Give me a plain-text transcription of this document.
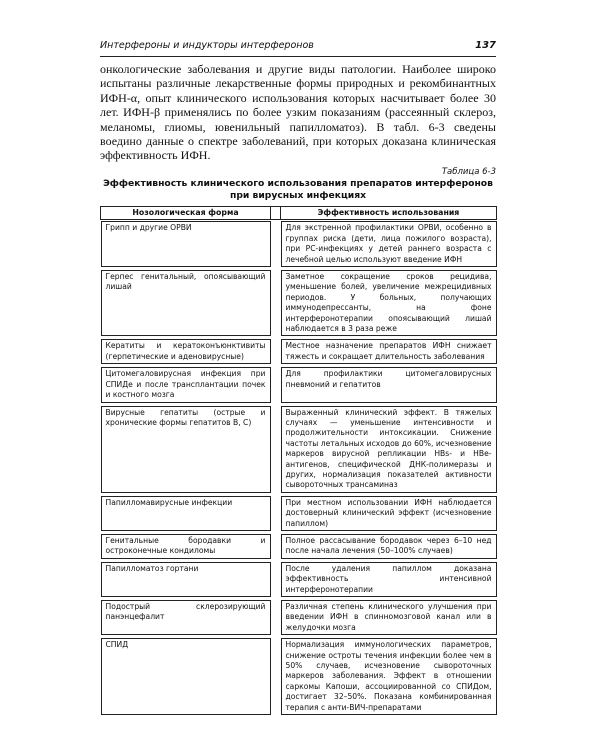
Интерфероны и индукторы интерферонов	137

онкологические заболевания и другие виды патологии. Наиболее широко испытаны различные лекарственные формы природных и рекомбинантных ИФН-α, опыт клинического использования которых насчитывает более 30 лет. ИФН-β применялись по более узким показаниям (рассеянный склероз, меланомы, глиомы, ювенильный папилломатоз). В табл. 6-3 сведены воедино данные о спектре заболеваний, при которых доказана клиническая эффективность ИФН.

Таблица 6-3
Эффективность клинического использования препаратов интерферонов
при вирусных инфекциях
Нозологическая форма		Эффективность использования

Грипп и другие ОРВИ		Для экстренной профилактики ОРВИ, особенно в группах риска (дети, лица пожилого возраста), при РС-инфекциях у детей раннего возраста с лечебной целью используют введение ИФН

Герпес генитальный, опоясывающий лишай		Заметное сокращение сроков рецидива, уменьшение болей, увеличение межрецидивных периодов. У больных, получающих иммунодепрессанты, на фоне интерферонотерапии опоясывающий лишай наблюдается в 3 раза реже

Кератиты и кератоконъюнктивиты (герпетические и аденовирусные)		Местное назначение препаратов ИФН снижает тяжесть и сокращает длительность заболевания

Цитомегаловирусная инфекция при СПИДе и после трансплантации почек и костного мозга		Для профилактики цитомегаловирусных пневмоний и гепатитов

Вирусные гепатиты (острые и хронические формы гепатитов В, С)		Выраженный клинический эффект. В тяжелых случаях — уменьшение интенсивности и продолжительности интоксикации. Снижение частоты летальных исходов до 60%, исчезновение маркеров вирусной репликации HBs- и HBe-антигенов, специфической ДНК-полимеразы и других, нормализация показателей активности сывороточных трансаминаз

Папилломавирусные инфекции		При местном использовании ИФН наблюдается достоверный клинический эффект (исчезновение папиллом)

Генитальные бородавки и остроконечные кондиломы		Полное рассасывание бородавок через 6–10 нед после начала лечения (50–100% случаев)

Папилломатоз гортани		После удаления папиллом доказана эффективность интенсивной интерферонотерапии

Подострый склерозирующий панэнцефалит		Различная степень клинического улучшения при введении ИФН в спинномозговой канал или в желудочки мозга

СПИД		Нормализация иммунологических параметров, снижение остроты течения инфекции более чем в 50% случаев, исчезновение сывороточных маркеров заболевания. Эффект в отношении саркомы Капоши, ассоциированной со СПИДом, достигает 32–50%. Показана комбинированная терапия с анти-ВИЧ-препаратами
